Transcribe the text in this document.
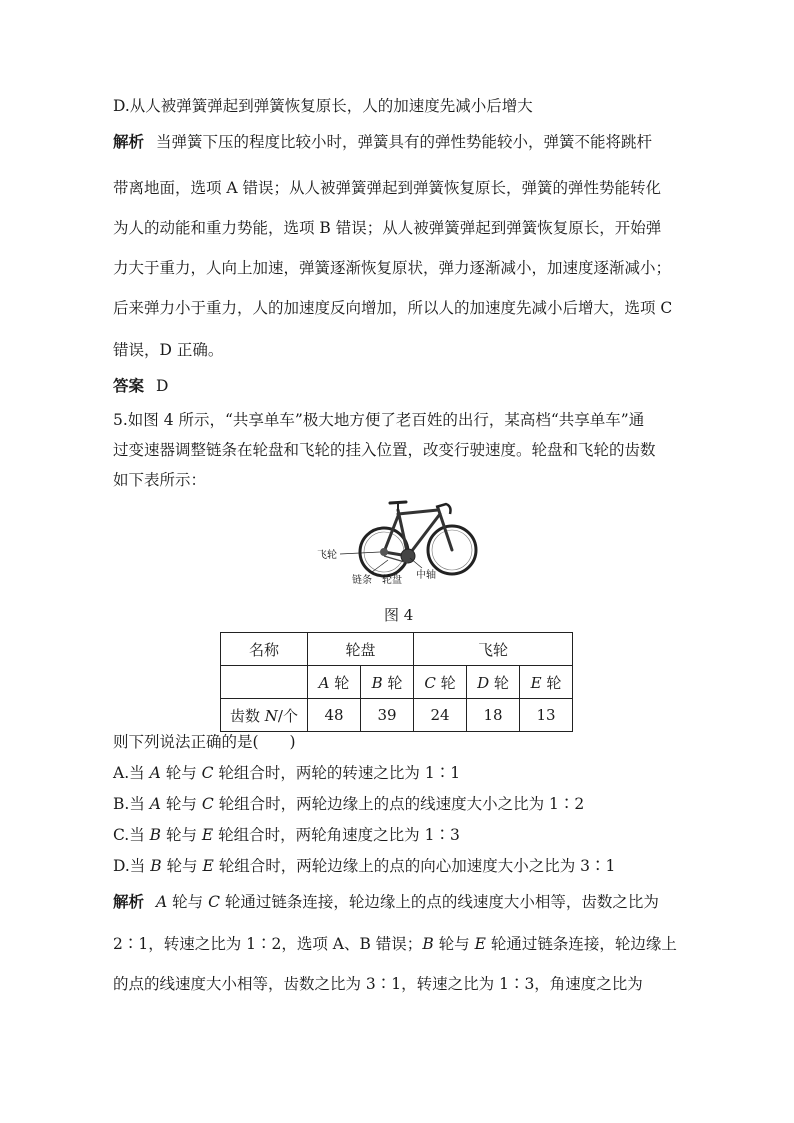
D.从人被弹簧弹起到弹簧恢复原长，人的加速度先减小后增大
解析 当弹簧下压的程度比较小时，弹簧具有的弹性势能较小，弹簧不能将跳杆
带离地面，选项 A 错误；从人被弹簧弹起到弹簧恢复原长，弹簧的弹性势能转化
为人的动能和重力势能，选项 B 错误；从人被弹簧弹起到弹簧恢复原长，开始弹
力大于重力，人向上加速，弹簧逐渐恢复原状，弹力逐渐减小，加速度逐渐减小；
后来弹力小于重力，人的加速度反向增加，所以人的加速度先减小后增大，选项 C
错误，D 正确。
答案 D
5.如图 4 所示，“共享单车”极大地方便了老百姓的出行，某高档“共享单车”通
过变速器调整链条在轮盘和飞轮的挂入位置，改变行驶速度。轮盘和飞轮的齿数
如下表所示：
飞轮
链条 轮盘 中轴
图 4
名称	轮盘		飞轮		
	A 轮	B 轮	C 轮	D 轮	E 轮
齿数 N/个	48	39	24	18	13
则下列说法正确的是(　　)
A.当 A 轮与 C 轮组合时，两轮的转速之比为 1∶1
B.当 A 轮与 C 轮组合时，两轮边缘上的点的线速度大小之比为 1∶2
C.当 B 轮与 E 轮组合时，两轮角速度之比为 1∶3
D.当 B 轮与 E 轮组合时，两轮边缘上的点的向心加速度大小之比为 3∶1
解析 A 轮与 C 轮通过链条连接，轮边缘上的点的线速度大小相等，齿数之比为
2∶1，转速之比为 1∶2，选项 A、B 错误；B 轮与 E 轮通过链条连接，轮边缘上
的点的线速度大小相等，齿数之比为 3∶1，转速之比为 1∶3，角速度之比为
